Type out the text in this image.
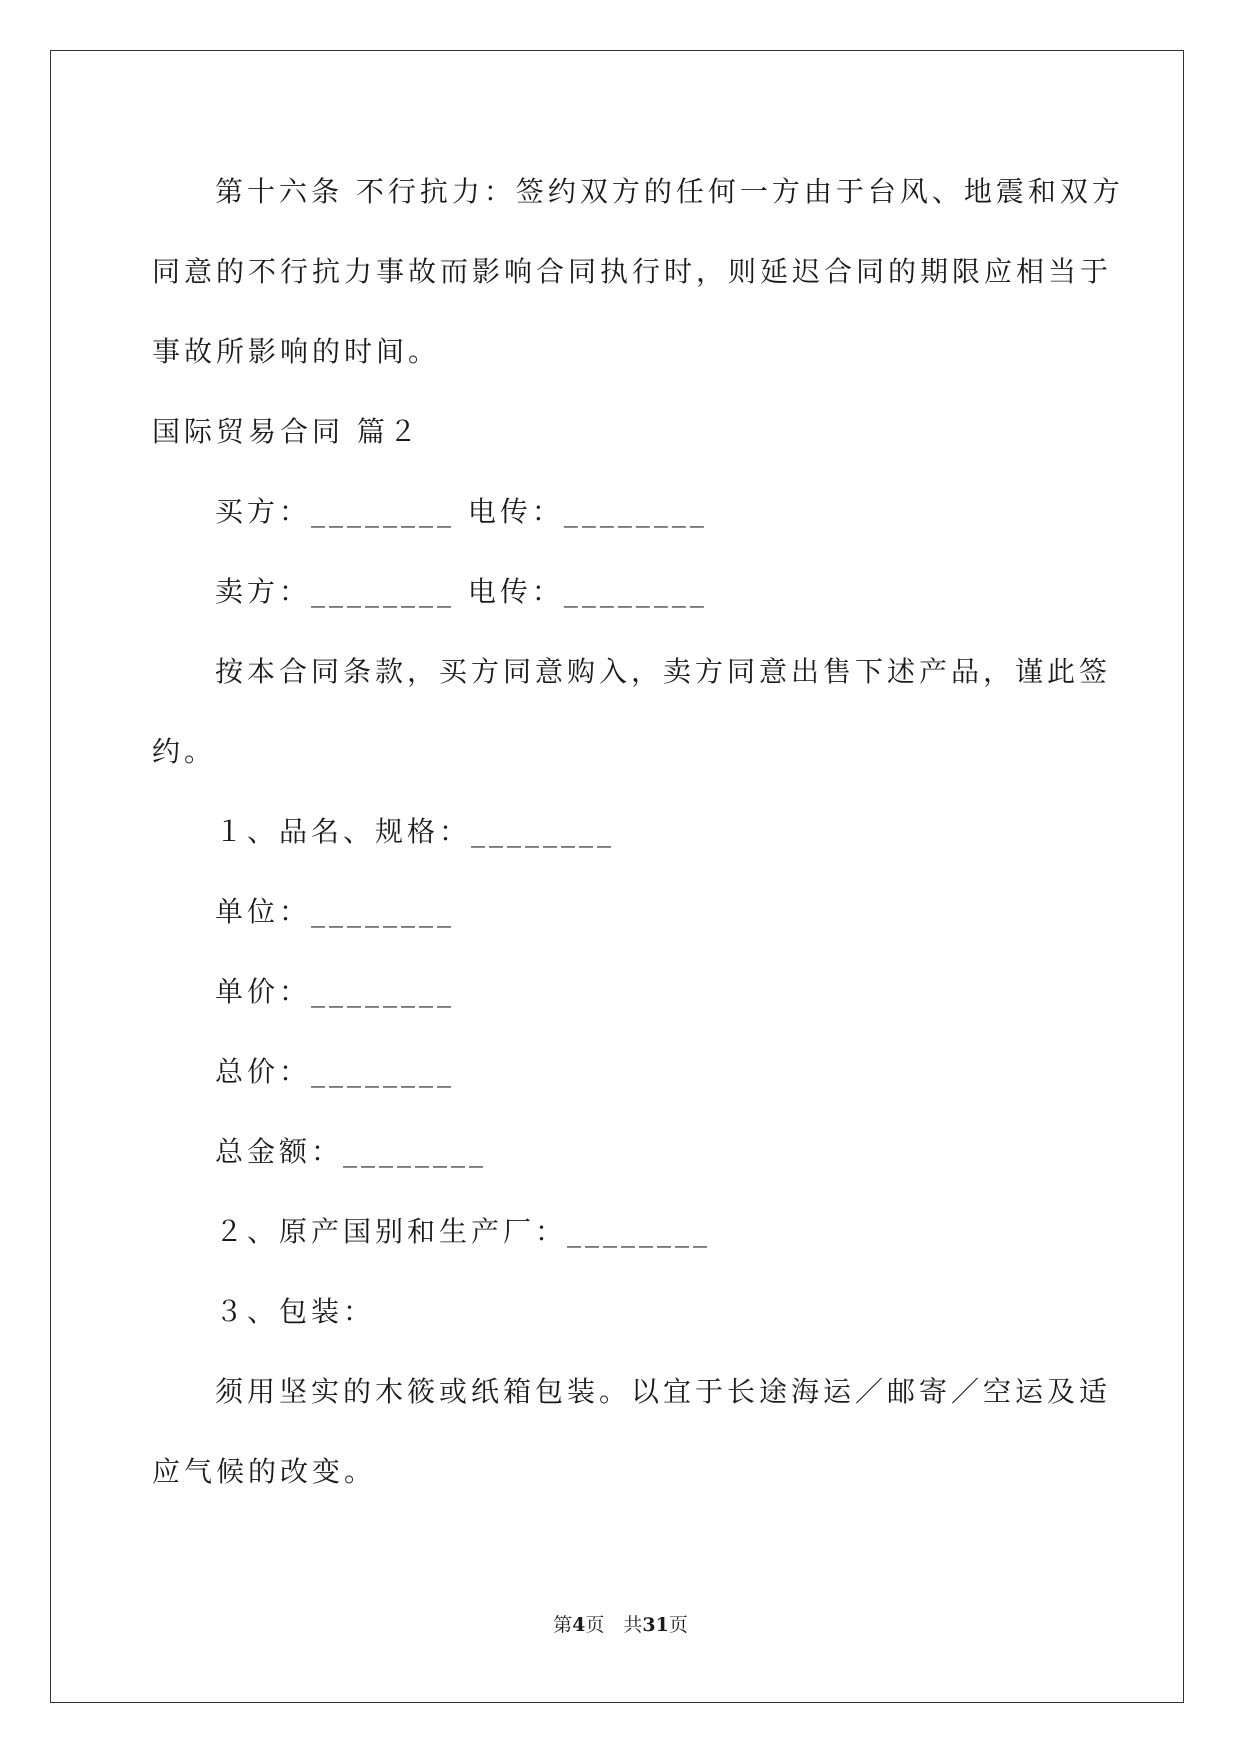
第十六条 不行抗力：签约双方的任何一方由于台风、地震和双方
同意的不行抗力事故而影响合同执行时，则延迟合同的期限应相当于
事故所影响的时间。
国际贸易合同 篇２
买方：________ 电传：________
卖方：________ 电传：________
按本合同条款，买方同意购入，卖方同意出售下述产品，谨此签
约。
１、品名、规格：________
单位：________
单价：________
总价：________
总金额：________
２、原产国别和生产厂：________
３、包装：
须用坚实的木筱或纸箱包装。以宜于长途海运／邮寄／空运及适
应气候的改变。
第4页　共31页
